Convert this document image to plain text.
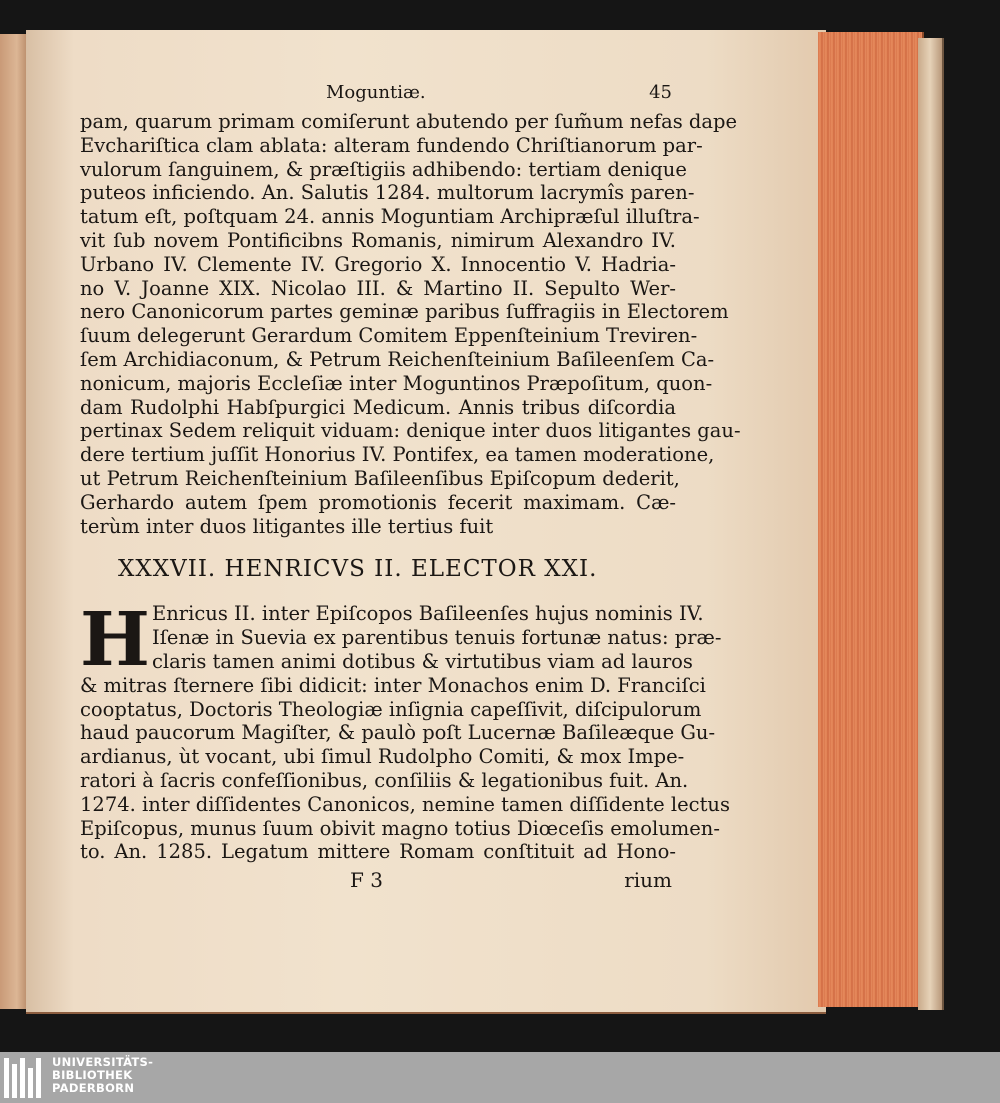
Moguntiæ.	45
pam, quarum primam comiſerunt abutendo per ſum̃um nefas dape
Evchariſtica clam ablata: alteram fundendo Chriſtianorum par-
vulorum ſanguinem, & præſtigiis adhibendo: tertiam denique
puteos inficiendo. An. Salutis 1284. multorum lacrymîs paren-
tatum eſt, poſtquam 24. annis Moguntiam Archipræſul illuſtra-
vit ſub novem Pontificibns Romanis, nimirum Alexandro IV.
Urbano IV. Clemente IV. Gregorio X. Innocentio V. Hadria-
no V. Joanne XIX. Nicolao III. & Martino II. Sepulto Wer-
nero Canonicorum partes geminæ paribus ſuffragiis in Electorem
ſuum delegerunt Gerardum Comitem Eppenſteinium Treviren-
ſem Archidiaconum, & Petrum Reichenſteinium Baſileenſem Ca-
nonicum, majoris Eccleſiæ inter Moguntinos Præpoſitum, quon-
dam Rudolphi Habſpurgici Medicum. Annis tribus diſcordia
pertinax Sedem reliquit viduam: denique inter duos litigantes gau-
dere tertium juſſit Honorius IV. Pontifex, ea tamen moderatione,
ut Petrum Reichenſteinium Baſileenſibus Epiſcopum dederit,
Gerhardo autem ſpem promotionis fecerit maximam. Cæ-
terùm inter duos litigantes ille tertius fuit
XXXVII. HENRICVS II. ELECTOR XXI.
H Enricus II. inter Epiſcopos Baſileenſes hujus nominis IV.
Iſenæ in Suevia ex parentibus tenuis fortunæ natus: præ-
claris tamen animi dotibus & virtutibus viam ad lauros
& mitras ſternere ſibi didicit: inter Monachos enim D. Franciſci
cooptatus, Doctoris Theologiæ inſignia capeſſivit, diſcipulorum
haud paucorum Magiſter, & paulò poſt Lucernæ Baſileæque Gu-
ardianus, ùt vocant, ubi ſimul Rudolpho Comiti, & mox Impe-
ratori à ſacris confeſſionibus, conſiliis & legationibus fuit. An.
1274. inter diſſidentes Canonicos, nemine tamen diſſidente lectus
Epiſcopus, munus ſuum obivit magno totius Diœceſis emolumen-
to. An. 1285. Legatum mittere Romam conſtituit ad Hono-
F 3	rium
UNIVERSITÄTS-
BIBLIOTHEK
PADERBORN
